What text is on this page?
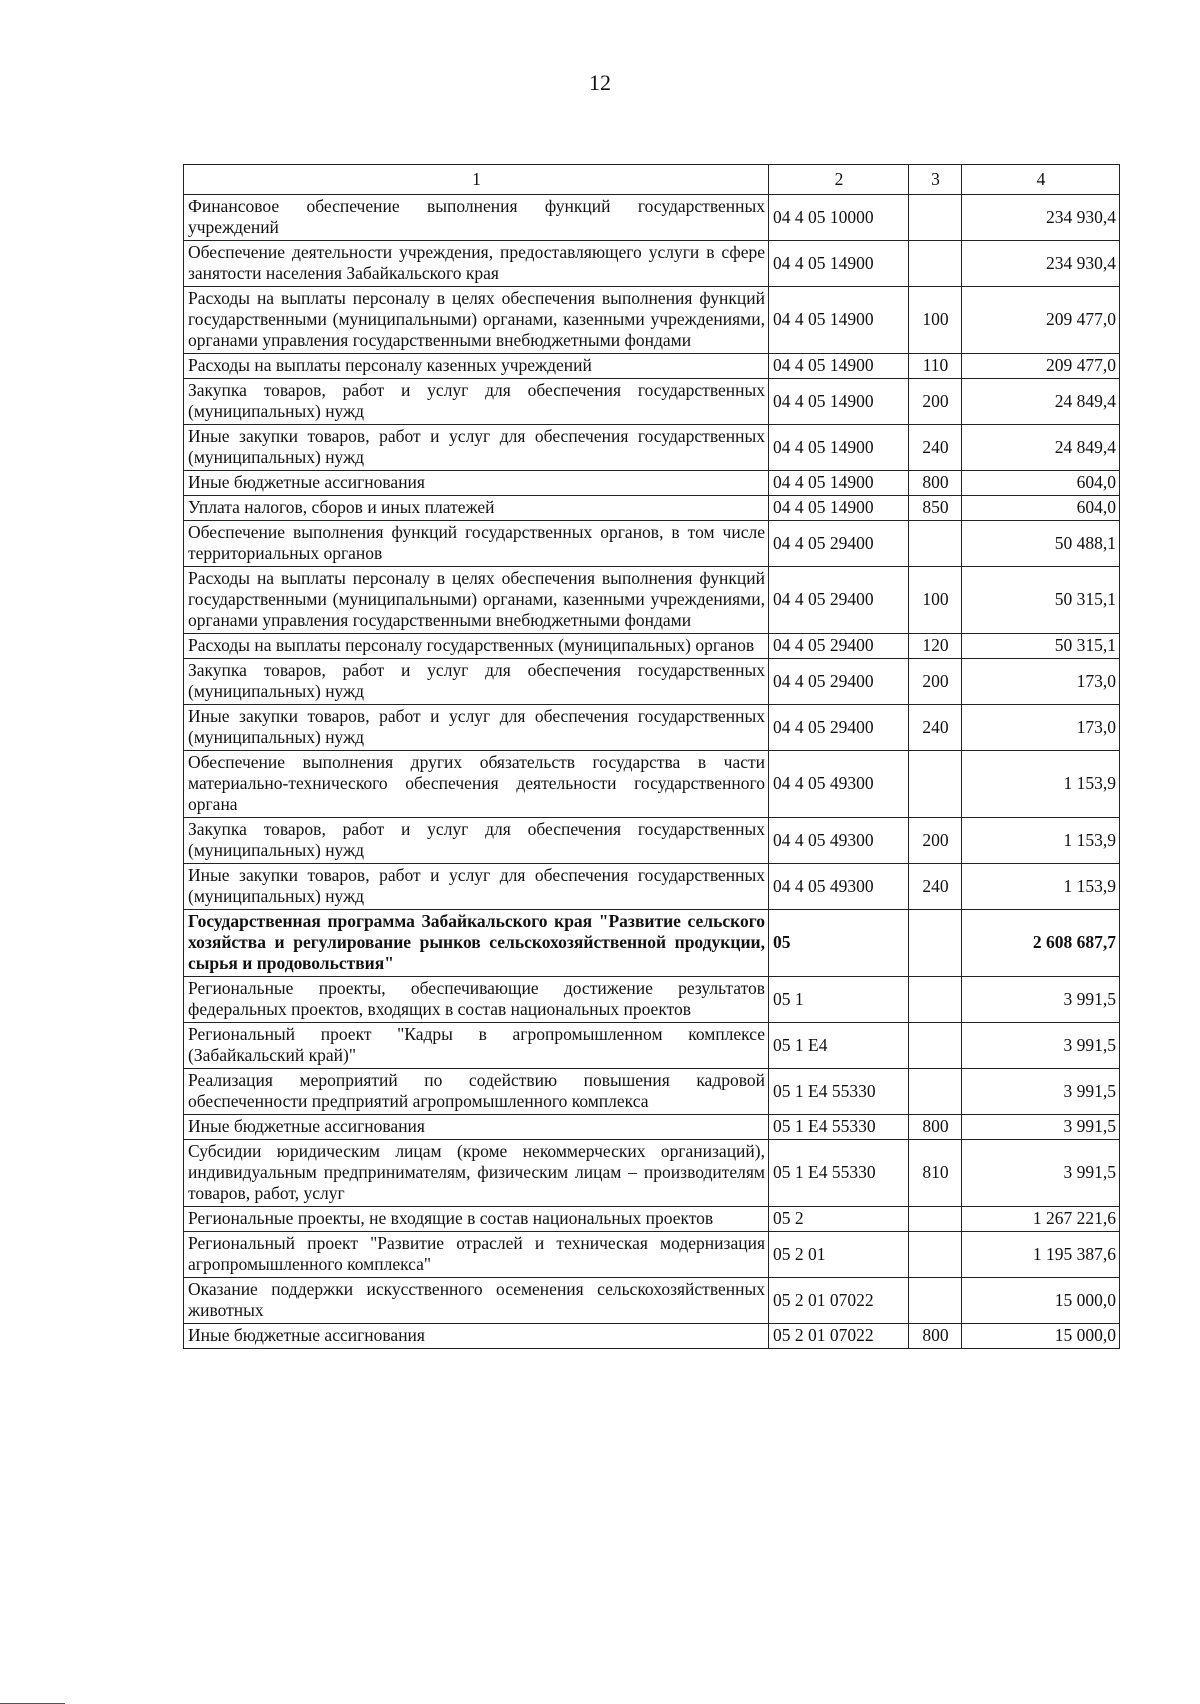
12
1	2	3	4
Финансовое обеспечение выполнения функций государственных учреждений	04 4 05 10000		234 930,4
Обеспечение деятельности учреждения, предоставляющего услуги в сфере занятости населения Забайкальского края	04 4 05 14900		234 930,4
Расходы на выплаты персоналу в целях обеспечения выполнения функций государственными (муниципальными) органами, казенными учреждениями, органами управления государственными внебюджетными фондами	04 4 05 14900	100	209 477,0
Расходы на выплаты персоналу казенных учреждений	04 4 05 14900	110	209 477,0
Закупка товаров, работ и услуг для обеспечения государственных (муниципальных) нужд	04 4 05 14900	200	24 849,4
Иные закупки товаров, работ и услуг для обеспечения государственных (муниципальных) нужд	04 4 05 14900	240	24 849,4
Иные бюджетные ассигнования	04 4 05 14900	800	604,0
Уплата налогов, сборов и иных платежей	04 4 05 14900	850	604,0
Обеспечение выполнения функций государственных органов, в том числе территориальных органов	04 4 05 29400		50 488,1
Расходы на выплаты персоналу в целях обеспечения выполнения функций государственными (муниципальными) органами, казенными учреждениями, органами управления государственными внебюджетными фондами	04 4 05 29400	100	50 315,1
Расходы на выплаты персоналу государственных (муниципальных) органов	04 4 05 29400	120	50 315,1
Закупка товаров, работ и услуг для обеспечения государственных (муниципальных) нужд	04 4 05 29400	200	173,0
Иные закупки товаров, работ и услуг для обеспечения государственных (муниципальных) нужд	04 4 05 29400	240	173,0
Обеспечение выполнения других обязательств государства в части материально-технического обеспечения деятельности государственного органа	04 4 05 49300		1 153,9
Закупка товаров, работ и услуг для обеспечения государственных (муниципальных) нужд	04 4 05 49300	200	1 153,9
Иные закупки товаров, работ и услуг для обеспечения государственных (муниципальных) нужд	04 4 05 49300	240	1 153,9
Государственная программа Забайкальского края "Развитие сельского хозяйства и регулирование рынков сельскохозяйственной продукции, сырья и продовольствия"	05		2 608 687,7
Региональные проекты, обеспечивающие достижение результатов федеральных проектов, входящих в состав национальных проектов	05 1		3 991,5
Региональный проект "Кадры в агропромышленном комплексе (Забайкальский край)"	05 1 Е4		3 991,5
Реализация мероприятий по содействию повышения кадровой обеспеченности предприятий агропромышленного комплекса	05 1 Е4 55330		3 991,5
Иные бюджетные ассигнования	05 1 Е4 55330	800	3 991,5
Субсидии юридическим лицам (кроме некоммерческих организаций), индивидуальным предпринимателям, физическим лицам – производителям товаров, работ, услуг	05 1 Е4 55330	810	3 991,5
Региональные проекты, не входящие в состав национальных проектов	05 2		1 267 221,6
Региональный проект "Развитие отраслей и техническая модернизация агропромышленного комплекса"	05 2 01		1 195 387,6
Оказание поддержки искусственного осеменения сельскохозяйственных животных	05 2 01 07022		15 000,0
Иные бюджетные ассигнования	05 2 01 07022	800	15 000,0
